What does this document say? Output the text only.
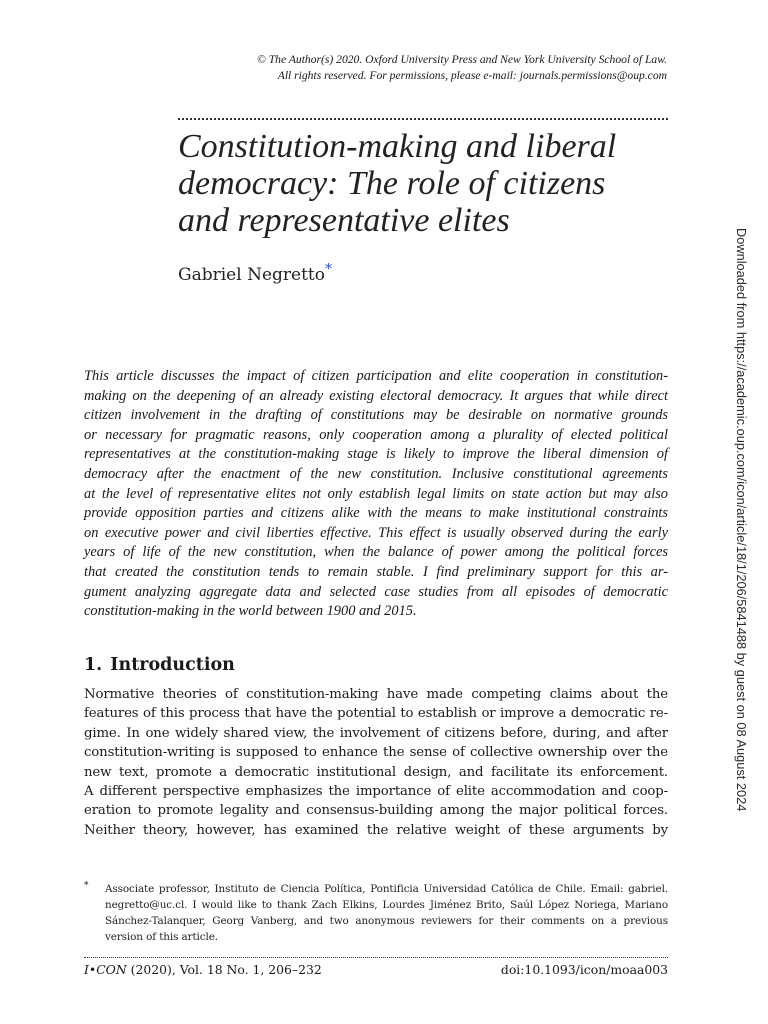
© The Author(s) 2020. Oxford University Press and New York University School of Law.
All rights reserved. For permissions, please e-mail: journals.permissions@oup.com
Constitution-making and liberal
democracy: The role of citizens
and representative elites
Gabriel Negretto*
This article discusses the impact of citizen participation and elite cooperation in constitution-
making on the deepening of an already existing electoral democracy. It argues that while direct
citizen involvement in the drafting of constitutions may be desirable on normative grounds
or necessary for pragmatic reasons, only cooperation among a plurality of elected political
representatives at the constitution-making stage is likely to improve the liberal dimension of
democracy after the enactment of the new constitution. Inclusive constitutional agreements
at the level of representative elites not only establish legal limits on state action but may also
provide opposition parties and citizens alike with the means to make institutional constraints
on executive power and civil liberties effective. This effect is usually observed during the early
years of life of the new constitution, when the balance of power among the political forces
that created the constitution tends to remain stable. I find preliminary support for this ar-
gument analyzing aggregate data and selected case studies from all episodes of democratic
constitution-making in the world between 1900 and 2015.
1. Introduction
Normative theories of constitution-making have made competing claims about the
features of this process that have the potential to establish or improve a democratic re-
gime. In one widely shared view, the involvement of citizens before, during, and after
constitution-writing is supposed to enhance the sense of collective ownership over the
new text, promote a democratic institutional design, and facilitate its enforcement.
A different perspective emphasizes the importance of elite accommodation and coop-
eration to promote legality and consensus-building among the major political forces.
Neither theory, however, has examined the relative weight of these arguments by
* Associate professor, Instituto de Ciencia Política, Pontificia Universidad Católica de Chile. Email: gabriel.
negretto@uc.cl. I would like to thank Zach Elkins, Lourdes Jiménez Brito, Saúl López Noriega, Mariano
Sánchez-Talanquer, Georg Vanberg, and two anonymous reviewers for their comments on a previous
version of this article.
I•CON (2020), Vol. 18 No. 1, 206–232	doi:10.1093/icon/moaa003
Downloaded from https://academic.oup.com/icon/article/18/1/206/5841488 by guest on 08 August 2024
